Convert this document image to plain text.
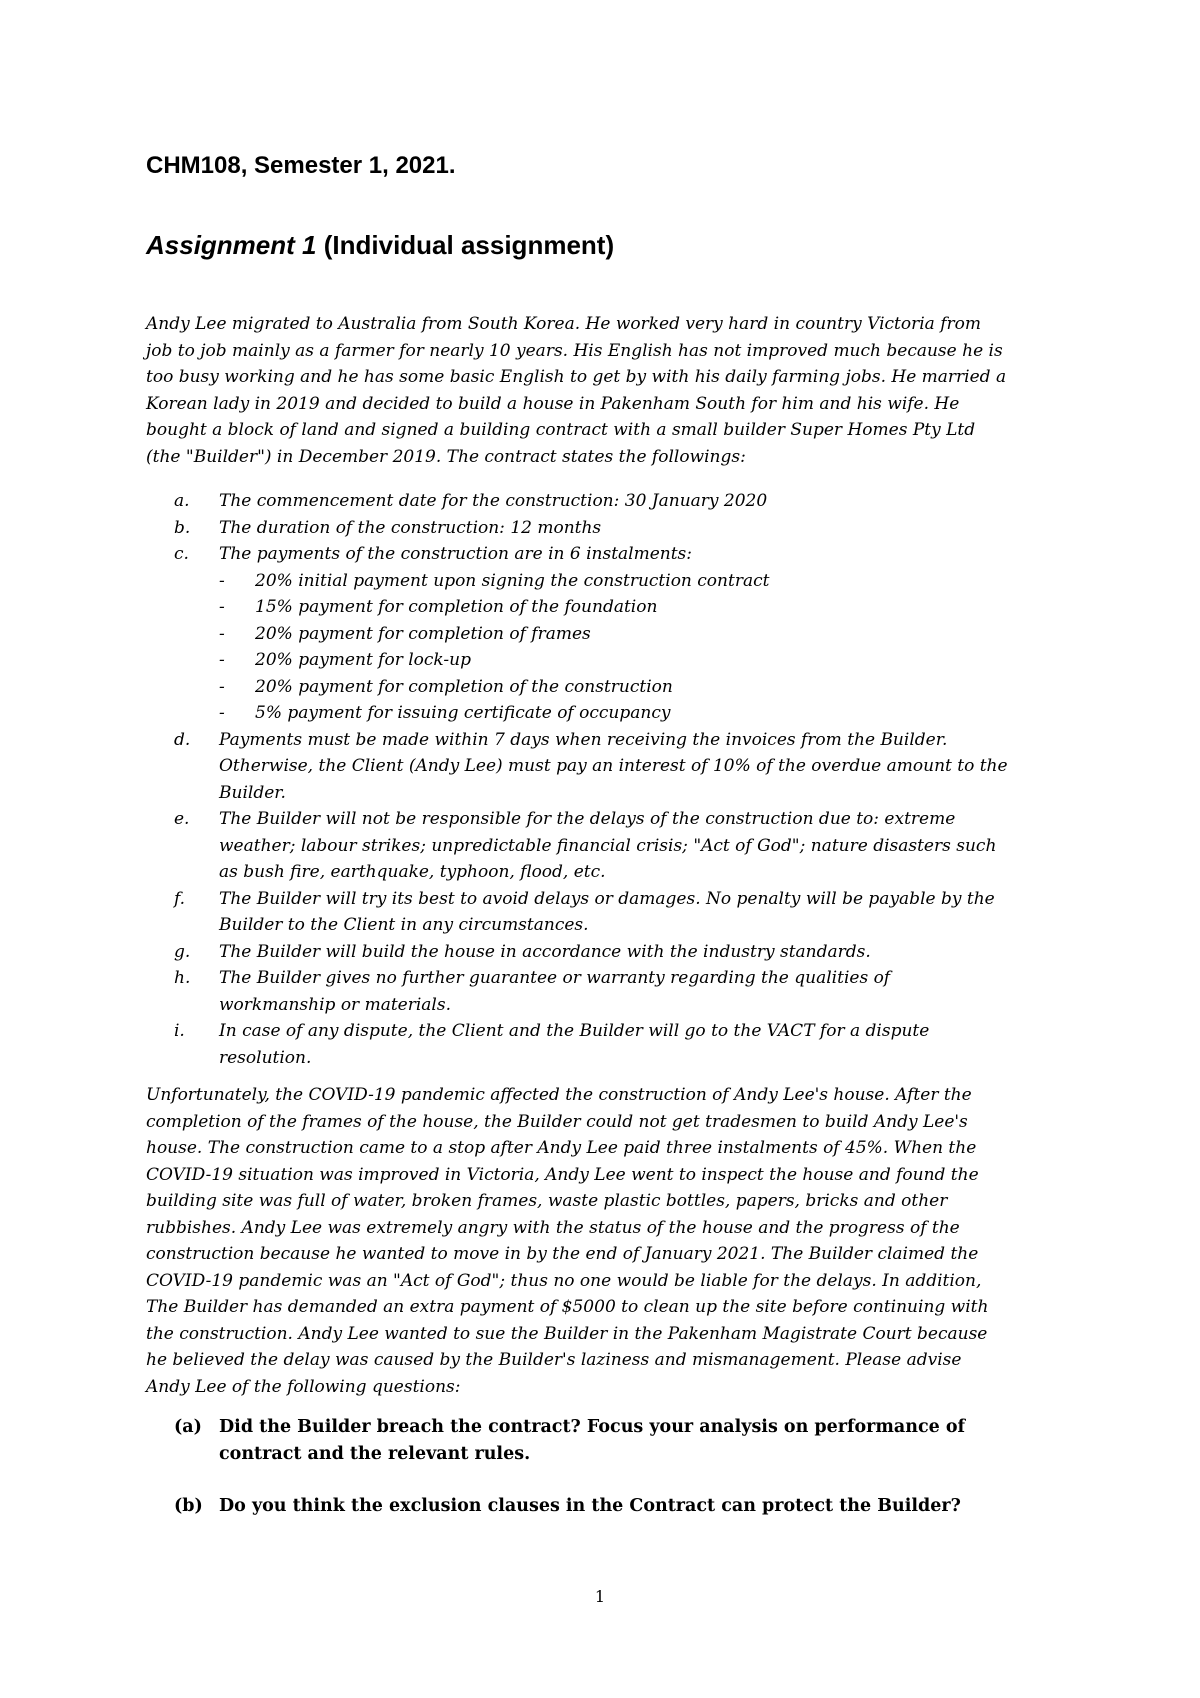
CHM108, Semester 1, 2021.
Assignment 1 (Individual assignment)
Andy Lee migrated to Australia from South Korea. He worked very hard in country Victoria from
job to job mainly as a farmer for nearly 10 years. His English has not improved much because he is
too busy working and he has some basic English to get by with his daily farming jobs. He married a
Korean lady in 2019 and decided to build a house in Pakenham South for him and his wife. He
bought a block of land and signed a building contract with a small builder Super Homes Pty Ltd
(the "Builder") in December 2019. The contract states the followings:
a. The commencement date for the construction: 30 January 2020
b. The duration of the construction: 12 months
c. The payments of the construction are in 6 instalments:
- 20% initial payment upon signing the construction contract
- 15% payment for completion of the foundation
- 20% payment for completion of frames
- 20% payment for lock-up
- 20% payment for completion of the construction
- 5% payment for issuing certificate of occupancy
d. Payments must be made within 7 days when receiving the invoices from the Builder.
Otherwise, the Client (Andy Lee) must pay an interest of 10% of the overdue amount to the
Builder.
e. The Builder will not be responsible for the delays of the construction due to: extreme
weather; labour strikes; unpredictable financial crisis; "Act of God"; nature disasters such
as bush fire, earthquake, typhoon, flood, etc.
f. The Builder will try its best to avoid delays or damages. No penalty will be payable by the
Builder to the Client in any circumstances.
g. The Builder will build the house in accordance with the industry standards.
h. The Builder gives no further guarantee or warranty regarding the qualities of
workmanship or materials.
i. In case of any dispute, the Client and the Builder will go to the VACT for a dispute
resolution.
Unfortunately, the COVID-19 pandemic affected the construction of Andy Lee's house. After the
completion of the frames of the house, the Builder could not get tradesmen to build Andy Lee's
house. The construction came to a stop after Andy Lee paid three instalments of 45%. When the
COVID-19 situation was improved in Victoria, Andy Lee went to inspect the house and found the
building site was full of water, broken frames, waste plastic bottles, papers, bricks and other
rubbishes. Andy Lee was extremely angry with the status of the house and the progress of the
construction because he wanted to move in by the end of January 2021. The Builder claimed the
COVID-19 pandemic was an "Act of God"; thus no one would be liable for the delays. In addition,
The Builder has demanded an extra payment of $5000 to clean up the site before continuing with
the construction. Andy Lee wanted to sue the Builder in the Pakenham Magistrate Court because
he believed the delay was caused by the Builder's laziness and mismanagement. Please advise
Andy Lee of the following questions:
(a) Did the Builder breach the contract? Focus your analysis on performance of
contract and the relevant rules.
(b) Do you think the exclusion clauses in the Contract can protect the Builder?
1
